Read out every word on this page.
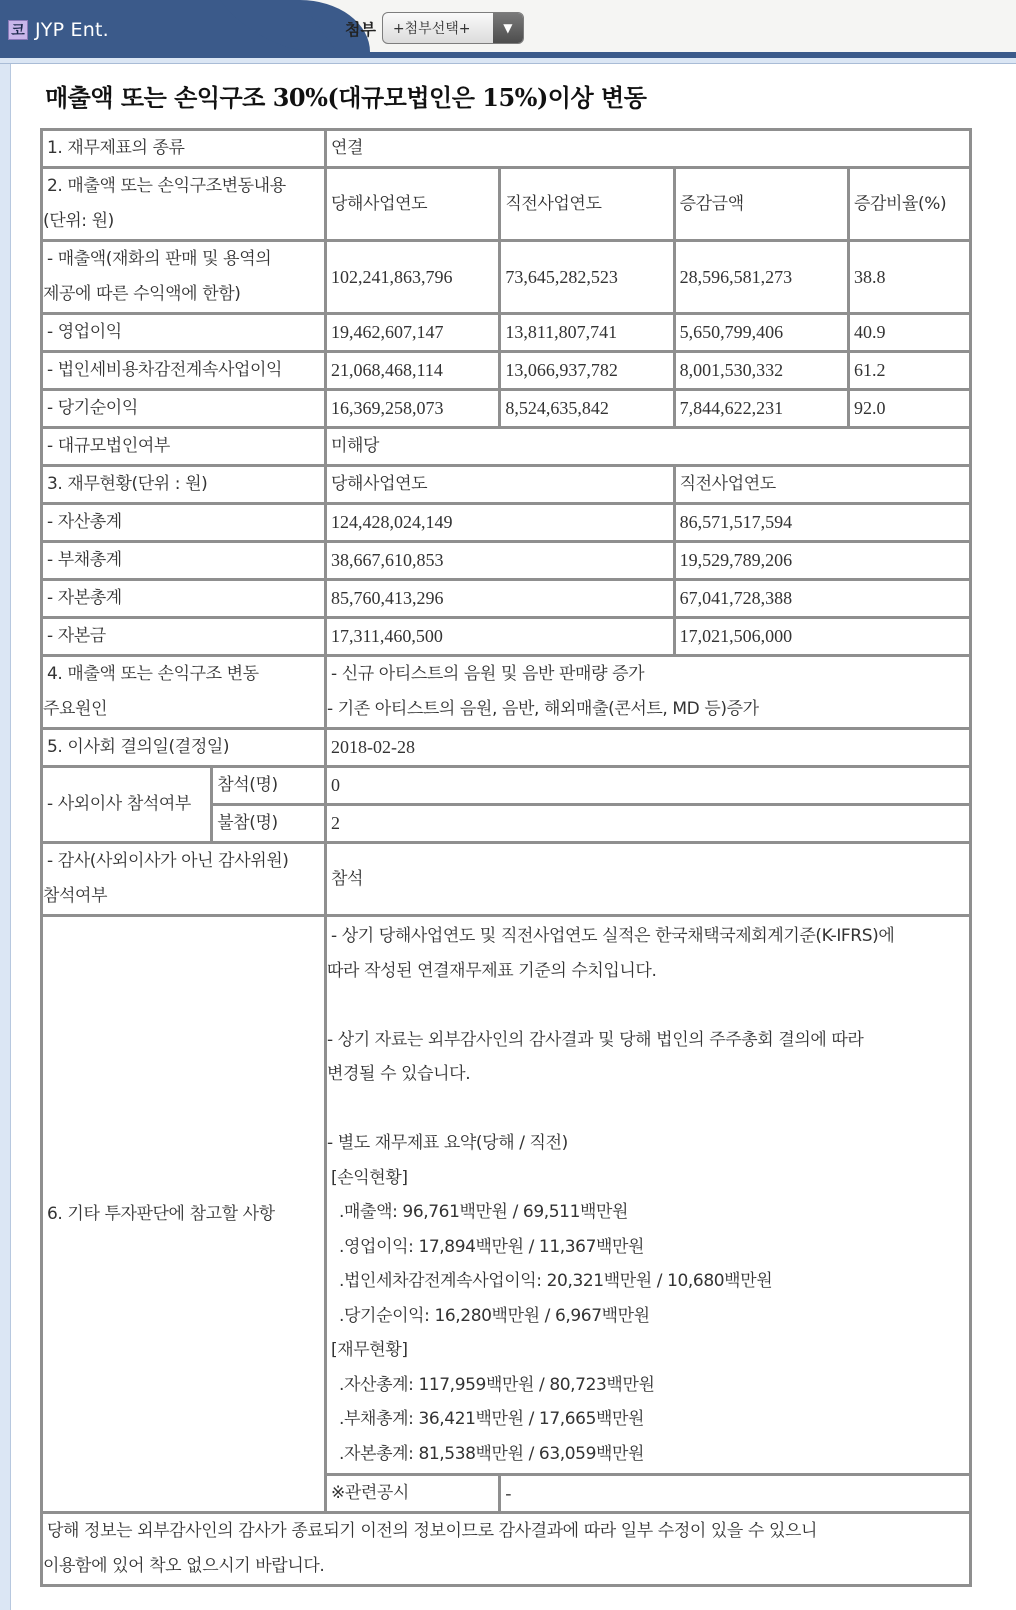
코 JYP Ent.	첨부	+첨부선택+	▼
매출액 또는 손익구조 30%(대규모법인은 15%)이상 변동
1. 재무제표의 종류		연결			

2. 매출액 또는 손익구조변동내용
(단위: 원)		당해사업연도	직전사업연도	증감금액	증감비율(%)

- 매출액(재화의 판매 및 용역의
제공에 따른 수익액에 한함)		102,241,863,796	73,645,282,523	28,596,581,273	38.8
- 영업이익		19,462,607,147	13,811,807,741	5,650,799,406	40.9
- 법인세비용차감전계속사업이익		21,068,468,114	13,066,937,782	8,001,530,332	61.2
- 당기순이익		16,369,258,073	8,524,635,842	7,844,622,231	92.0
- 대규모법인여부		미해당			
3. 재무현황(단위 : 원)		당해사업연도		직전사업연도	
- 자산총계		124,428,024,149		86,571,517,594	
- 부채총계		38,667,610,853		19,529,789,206	
- 자본총계		85,760,413,296		67,041,728,388	
- 자본금		17,311,460,500		17,021,506,000	

4. 매출액 또는 손익구조 변동
주요원인

- 신규 아티스트의 음원 및 음반 판매량 증가
- 기존 아티스트의 음원, 음반, 해외매출(콘서트, MD 등)증가

5. 이사회 결의일(결정일)		2018-02-28			
- 사외이사 참석여부	참석(명)	0			
	불참(명)	2			

- 감사(사외이사가 아닌 감사위원)
참석여부		참석			
6. 기타 투자판단에 참고할 사항	
- 상기 당해사업연도 및 직전사업연도 실적은 한국채택국제회계기준(K-IFRS)에
따라 작성된 연결재무제표 기준의 수치입니다.
- 상기 자료는 외부감사인의 감사결과 및 당해 법인의 주주총회 결의에 따라
변경될 수 있습니다.
- 별도 재무제표 요약(당해 / 직전)
[손익현황]
.매출액: 96,761백만원 / 69,511백만원
.영업이익: 17,894백만원 / 11,367백만원
.법인세차감전계속사업이익: 20,321백만원 / 10,680백만원
.당기순이익: 16,280백만원 / 6,967백만원
[재무현황]
.자산총계: 117,959백만원 / 80,723백만원
.부채총계: 36,421백만원 / 17,665백만원
.자본총계: 81,538백만원 / 63,059백만원

		※관련공시	-		

당해 정보는 외부감사인의 감사가 종료되기 이전의 정보이므로 감사결과에 따라 일부 수정이 있을 수 있으니
이용함에 있어 착오 없으시기 바랍니다.					
